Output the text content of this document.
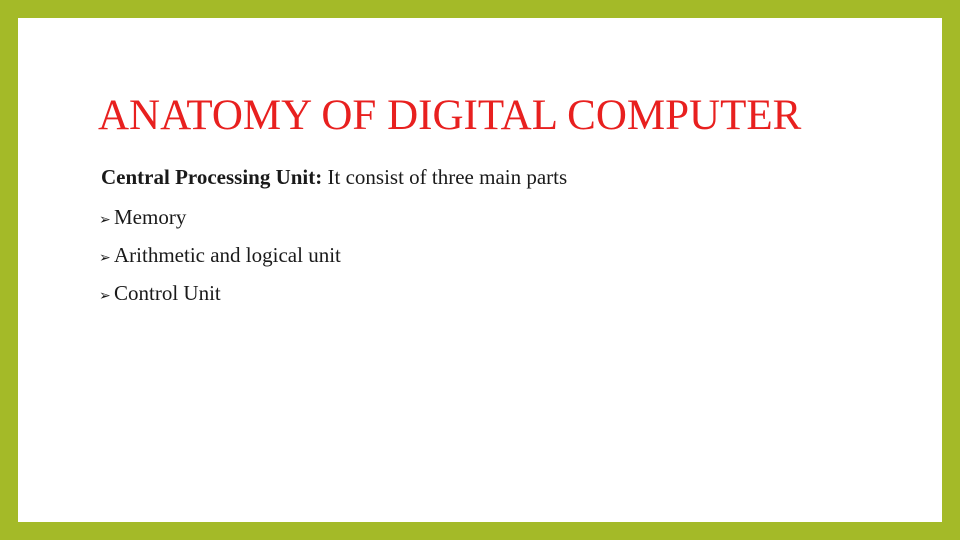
ANATOMY OF DIGITAL COMPUTER
Central Processing Unit: It consist of three main parts
➢ Memory
➢ Arithmetic and logical unit
➢ Control Unit
